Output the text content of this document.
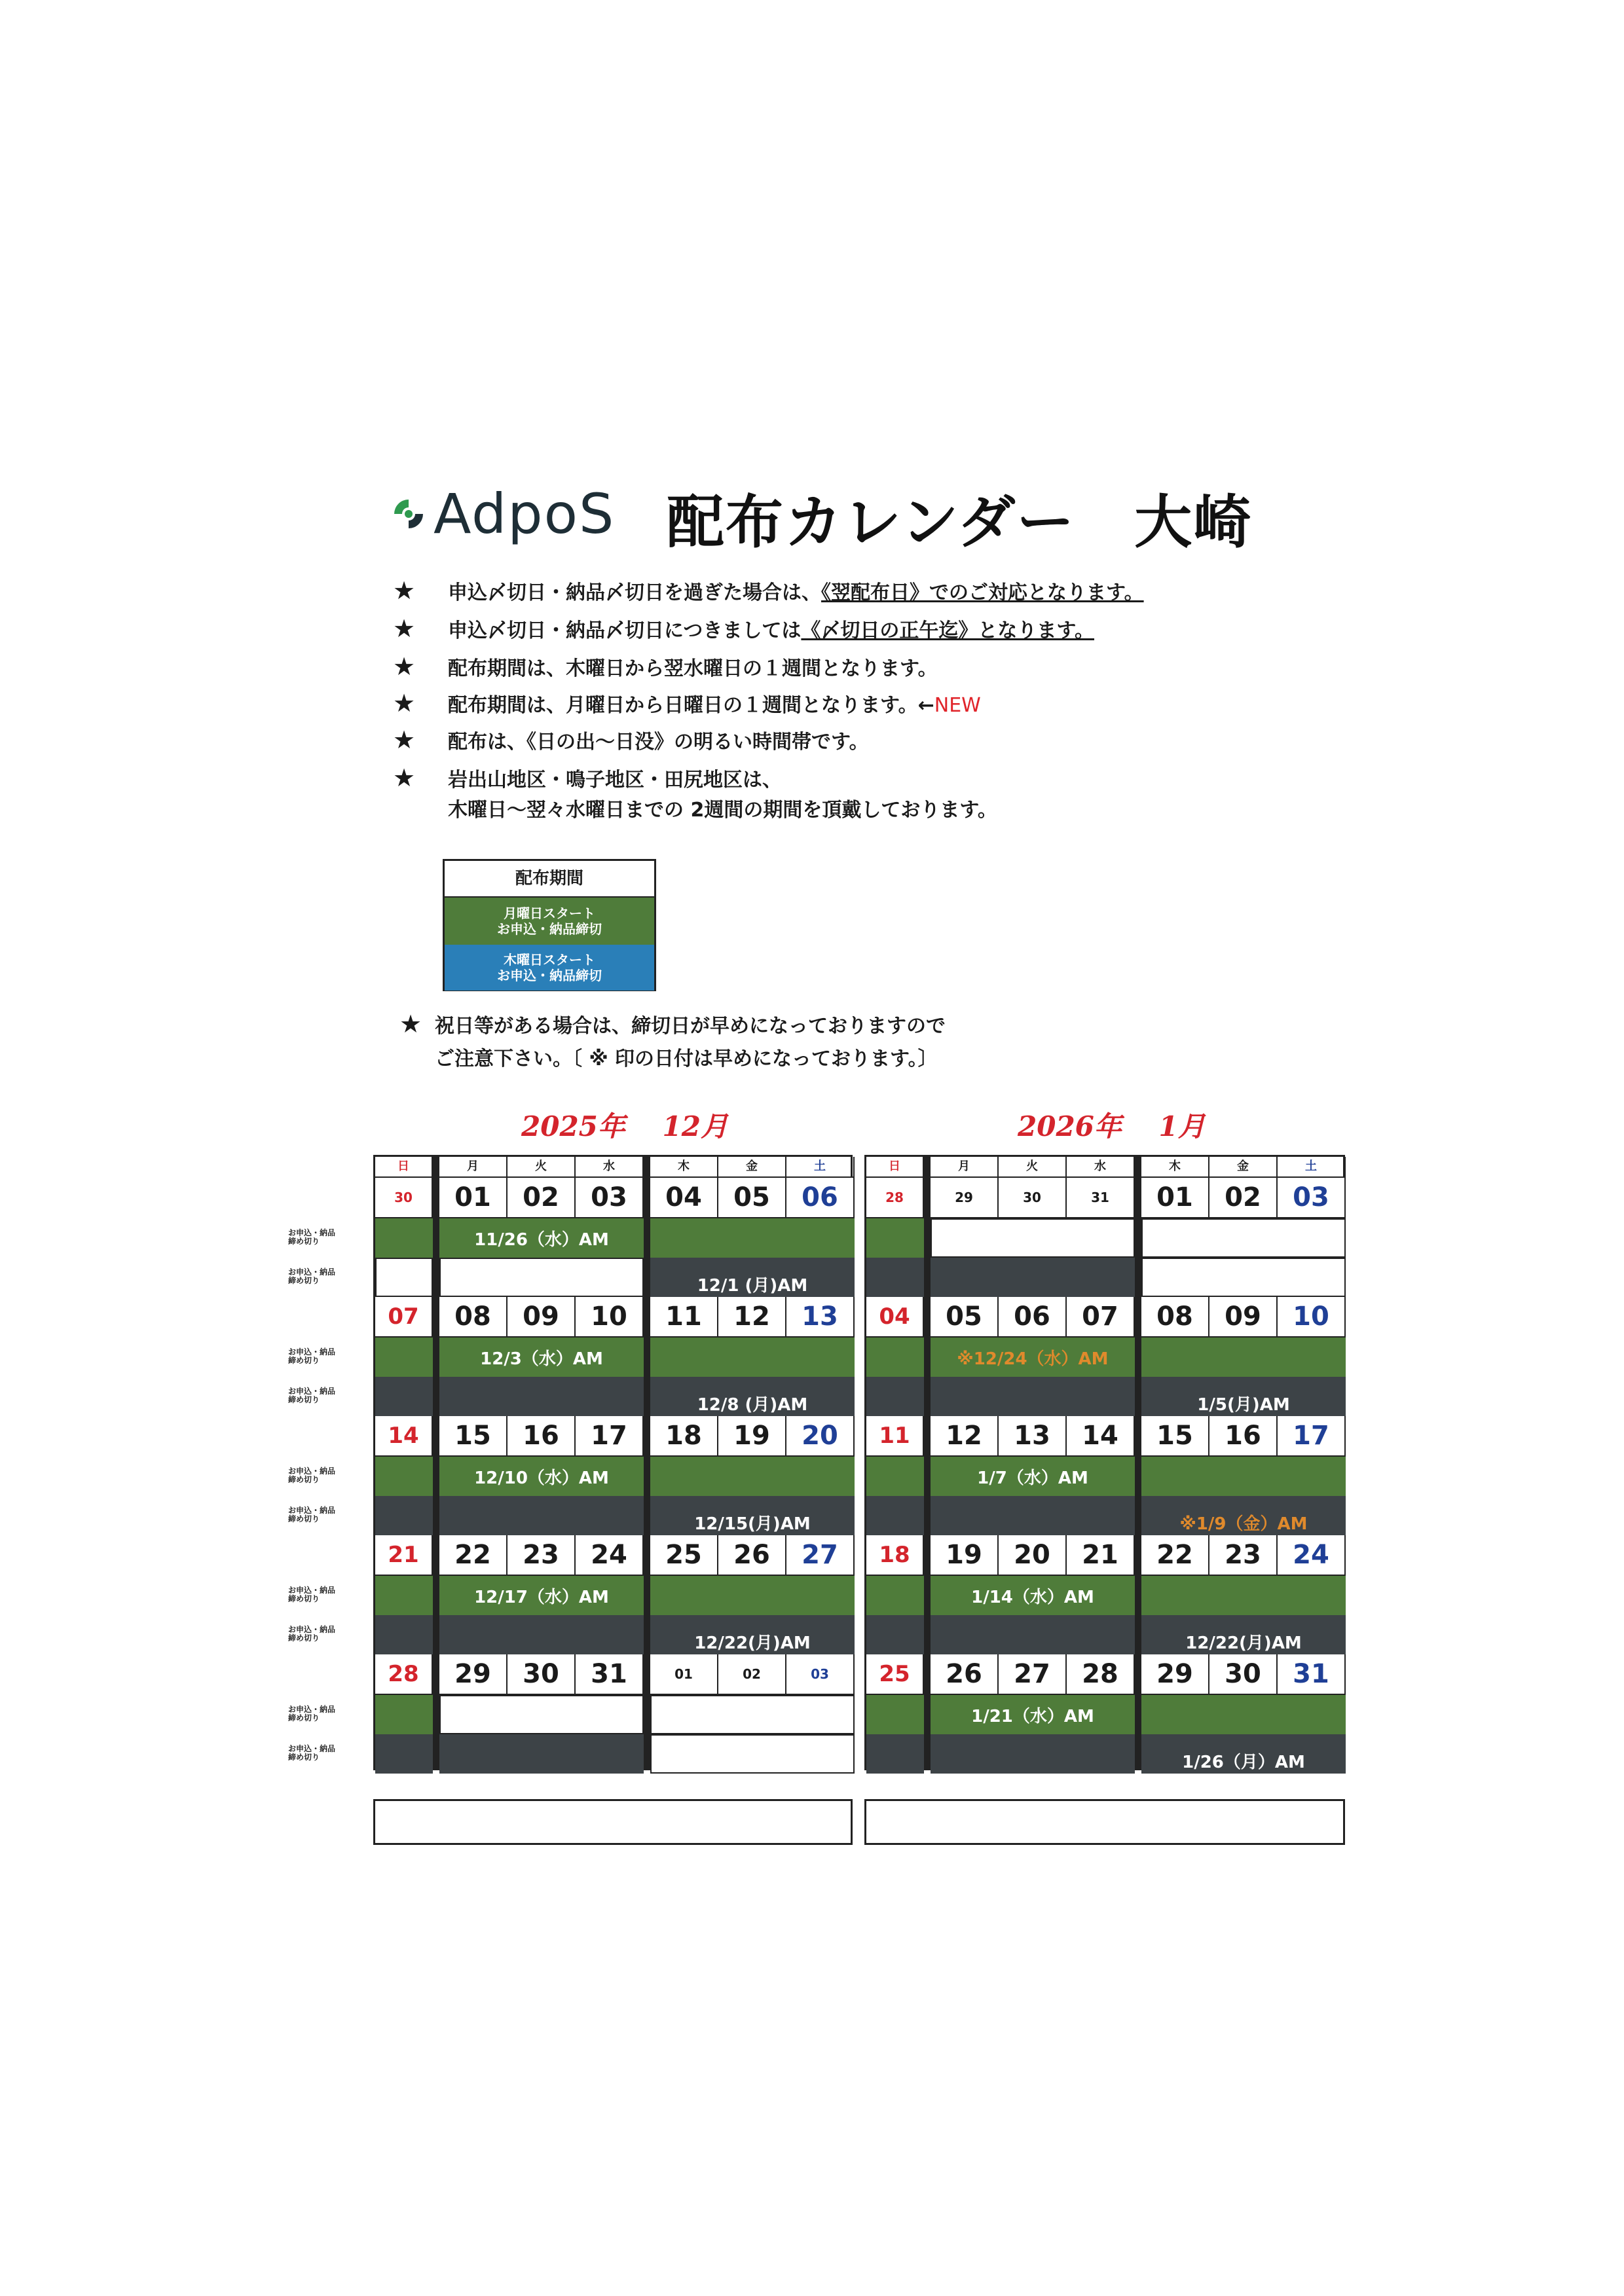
AdpoS 配布カレンダー　大崎
★ 申込〆切日・納品〆切日を過ぎた場合は、《翌配布日》でのご対応となります。
★ 申込〆切日・納品〆切日につきましては《〆切日の正午迄》となります。
★ 配布期間は、木曜日から翌水曜日の１週間となります。
★ 配布期間は、月曜日から日曜日の１週間となります。←NEW
★ 配布は、《日の出～日没》の明るい時間帯です。
★ 岩出山地区・鳴子地区・田尻地区は、
木曜日～翌々水曜日までの 2週間の期間を頂戴しております。
配布期間
月曜日スタート
お申込・納品締切
木曜日スタート
お申込・納品締切
★ 祝日等がある場合は、締切日が早めになっておりますので
ご注意下さい。〔 ※ 印の日付は早めになっております。〕
2025年　 12月	2026年　 1月
お申込・納品
締め切り
お申込・納品
締め切り
お申込・納品
締め切り
お申込・納品
締め切り
お申込・納品
締め切り
お申込・納品
締め切り
お申込・納品
締め切り
お申込・納品
締め切り
お申込・納品
締め切り
お申込・納品
締め切り
日	月	火	水	木	金	土
30	01	02	03	04	05	06
11/26（水）AM
12/1 (月)AM
07	08	09	10	11	12	13
12/3（水）AM
12/8 (月)AM
14	15	16	17	18	19	20
12/10（水）AM
12/15(月)AM
21	22	23	24	25	26	27
12/17（水）AM
12/22(月)AM
28	29	30	31	01	02	03
日	月	火	水	木	金	土
28	29	30	31	01	02	03
04	05	06	07	08	09	10
※12/24（水）AM
1/5(月)AM
11	12	13	14	15	16	17
1/7（水）AM
※1/9（金）AM
18	19	20	21	22	23	24
1/14（水）AM
12/22(月)AM
25	26	27	28	29	30	31
1/21（水）AM
1/26（月）AM
